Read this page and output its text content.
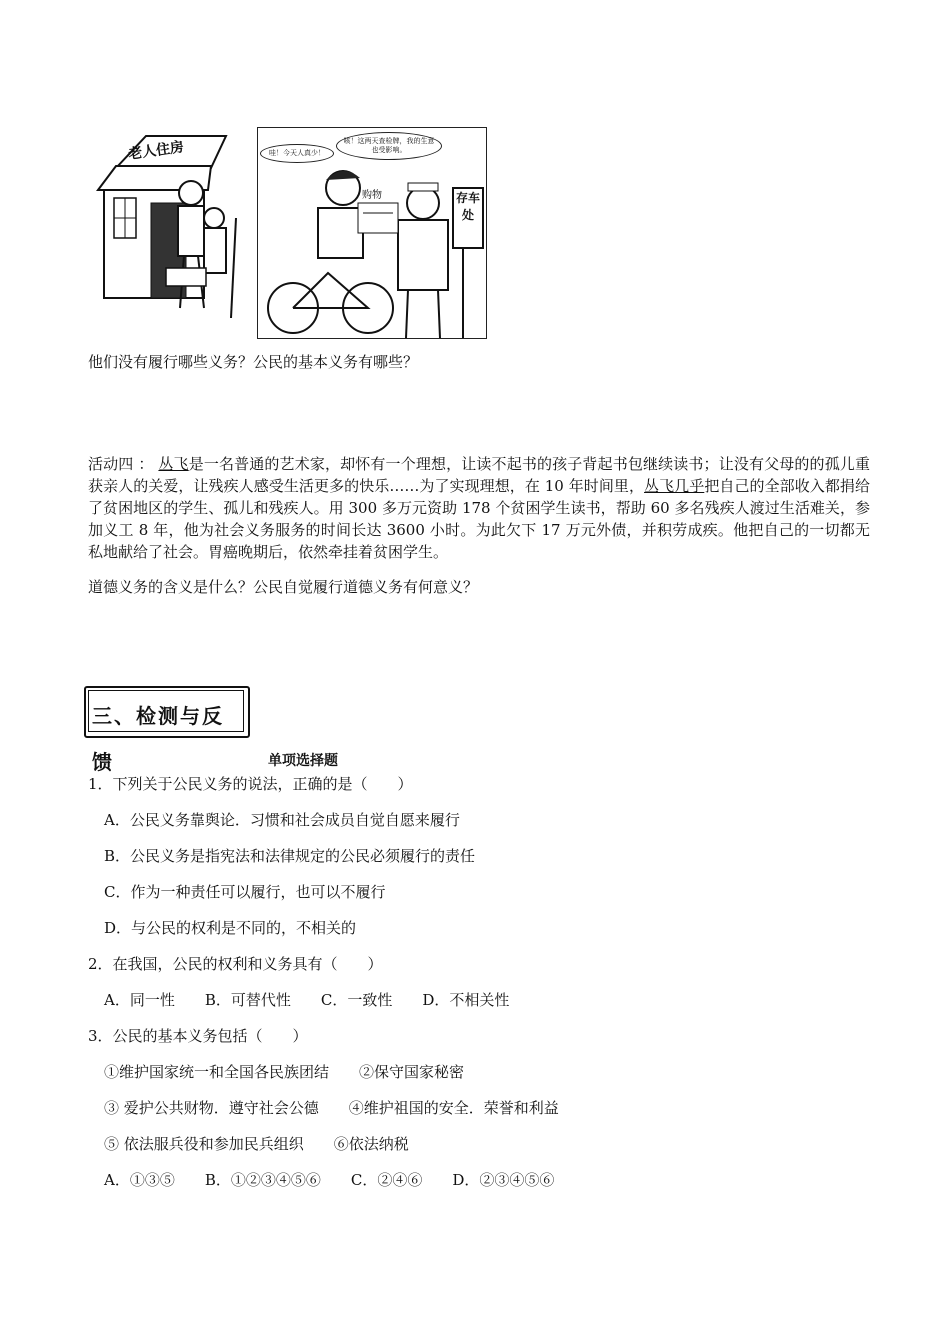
老人住房	哇！今天人真少！
咳！这两天查检牌，我的生意也受影响。
购物	存车处
他们没有履行哪些义务？公民的基本义务有哪些？
活动四 ： 丛飞是一名普通的艺术家，却怀有一个理想，让读不起书的孩子背起书包继续读书；让没有父母的的孤儿重获亲人的关爱，让残疾人感受生活更多的快乐……为了实现理想，在 10 年时间里，丛飞几乎把自己的全部收入都捐给了贫困地区的学生、孤儿和残疾人。用 300 多万元资助 178 个贫困学生读书，帮助 60 多名残疾人渡过生活难关，参加义工 8 年，他为社会义务服务的时间长达 3600 小时。为此欠下 17 万元外债，并积劳成疾。他把自己的一切都无私地献给了社会。胃癌晚期后，依然牵挂着贫困学生。
道德义务的含义是什么？公民自觉履行道德义务有何意义？
三、检测与反
馈	单项选择题
1．下列关于公民义务的说法，正确的是（　　）
A．公民义务靠舆论．习惯和社会成员自觉自愿来履行
B．公民义务是指宪法和法律规定的公民必须履行的责任
C．作为一种责任可以履行，也可以不履行
D．与公民的权利是不同的，不相关的
2．在我国，公民的权利和义务具有（　　）
A．同一性　　B．可替代性　　C．一致性　　D．不相关性
3．公民的基本义务包括（　　）
①维护国家统一和全国各民族团结　　②保守国家秘密
③ 爱护公共财物．遵守社会公德　　④维护祖国的安全．荣誉和利益
⑤ 依法服兵役和参加民兵组织　　⑥依法纳税
A．①③⑤　　B．①②③④⑤⑥　　C．②④⑥　　D．②③④⑤⑥
